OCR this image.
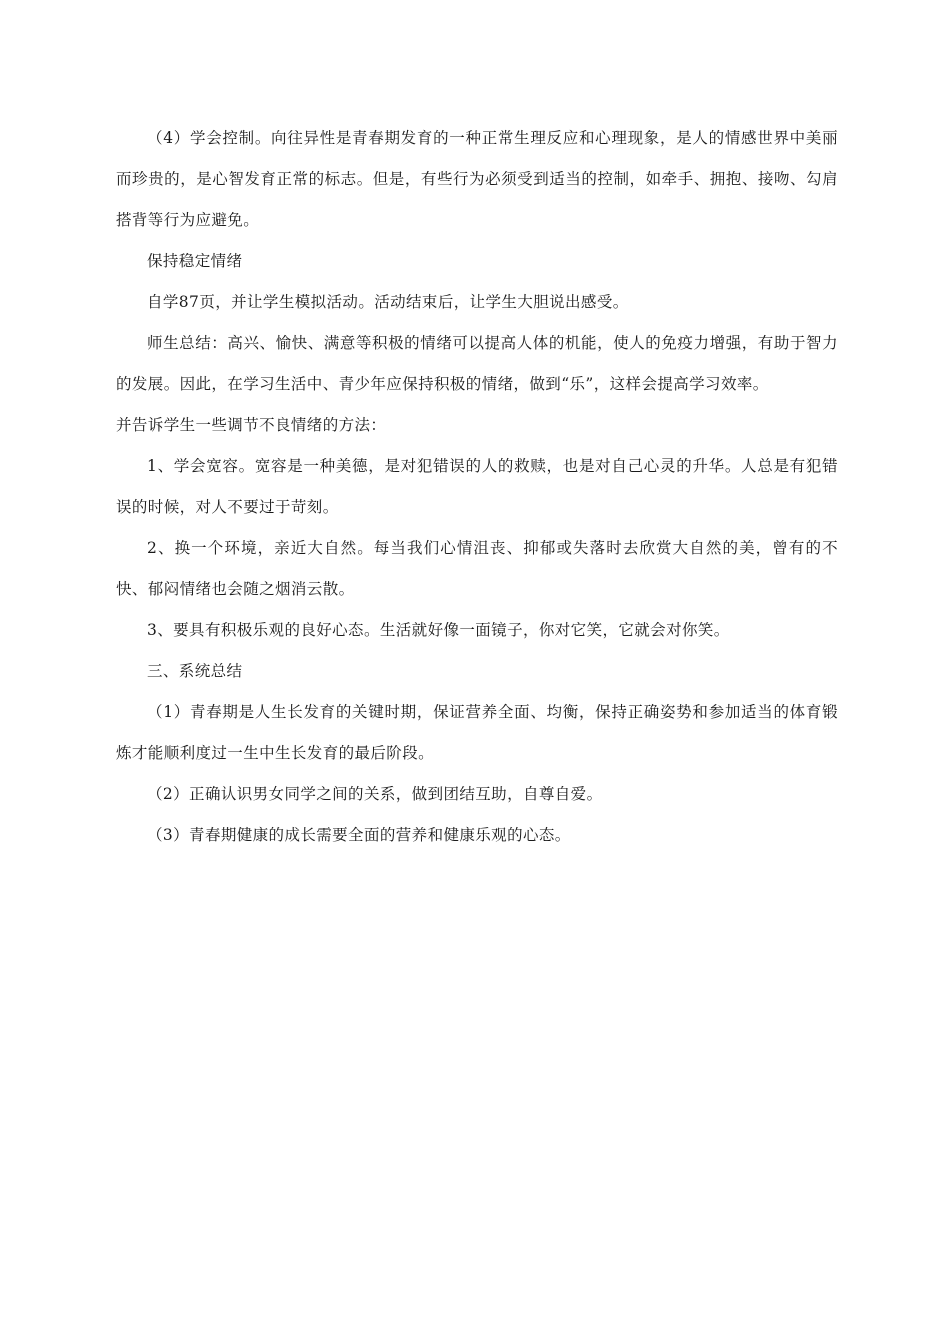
（4）学会控制。向往异性是青春期发育的一种正常生理反应和心理现象，是人的情感世界中美丽而珍贵的，是心智发育正常的标志。但是，有些行为必须受到适当的控制，如牵手、拥抱、接吻、勾肩搭背等行为应避免。

保持稳定情绪

自学87页，并让学生模拟活动。活动结束后，让学生大胆说出感受。

师生总结：高兴、愉快、满意等积极的情绪可以提高人体的机能，使人的免疫力增强，有助于智力的发展。因此，在学习生活中、青少年应保持积极的情绪，做到“乐”，这样会提高学习效率。

并告诉学生一些调节不良情绪的方法：

1、学会宽容。宽容是一种美德，是对犯错误的人的救赎，也是对自己心灵的升华。人总是有犯错误的时候，对人不要过于苛刻。

2、换一个环境，亲近大自然。每当我们心情沮丧、抑郁或失落时去欣赏大自然的美，曾有的不快、郁闷情绪也会随之烟消云散。

3、要具有积极乐观的良好心态。生活就好像一面镜子，你对它笑，它就会对你笑。

三、系统总结

（1）青春期是人生长发育的关键时期，保证营养全面、均衡，保持正确姿势和参加适当的体育锻炼才能顺利度过一生中生长发育的最后阶段。

（2）正确认识男女同学之间的关系，做到团结互助，自尊自爱。

（3）青春期健康的成长需要全面的营养和健康乐观的心态。
